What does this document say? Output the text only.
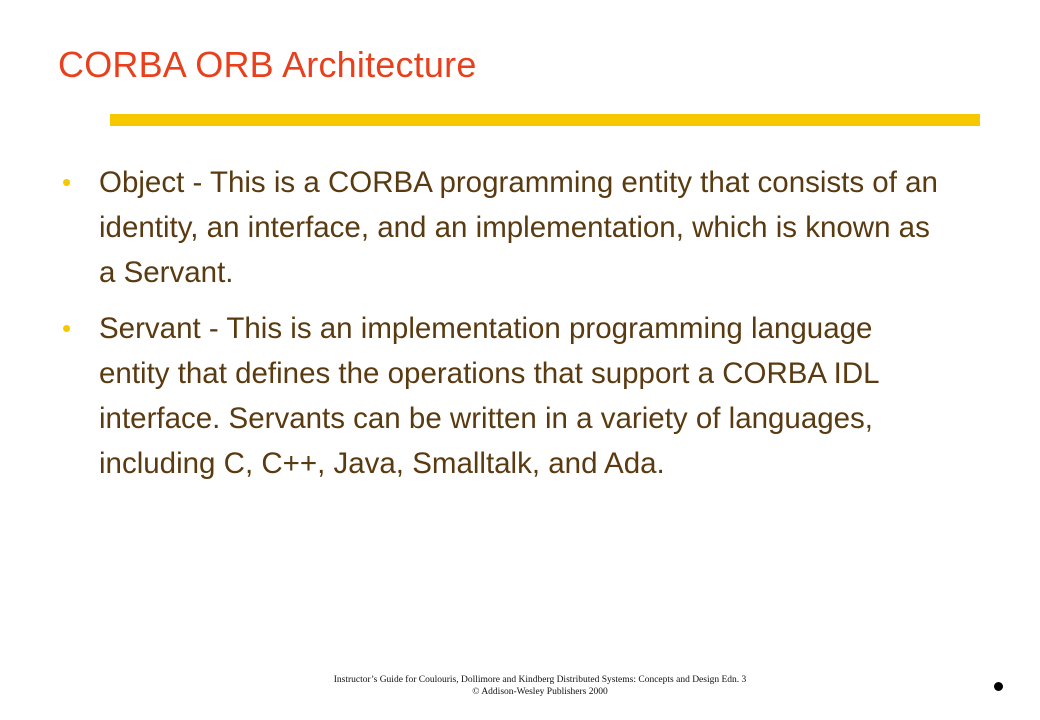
CORBA ORB Architecture
• Object - This is a CORBA programming entity that consists of an identity, an interface, and an implementation, which is known as a Servant.
• Servant - This is an implementation programming language entity that defines the operations that support a CORBA IDL interface. Servants can be written in a variety of languages, including C, C++, Java, Smalltalk, and Ada.
Instructor’s Guide for Coulouris, Dollimore and Kindberg Distributed Systems: Concepts and Design Edn. 3
© Addison-Wesley Publishers 2000
